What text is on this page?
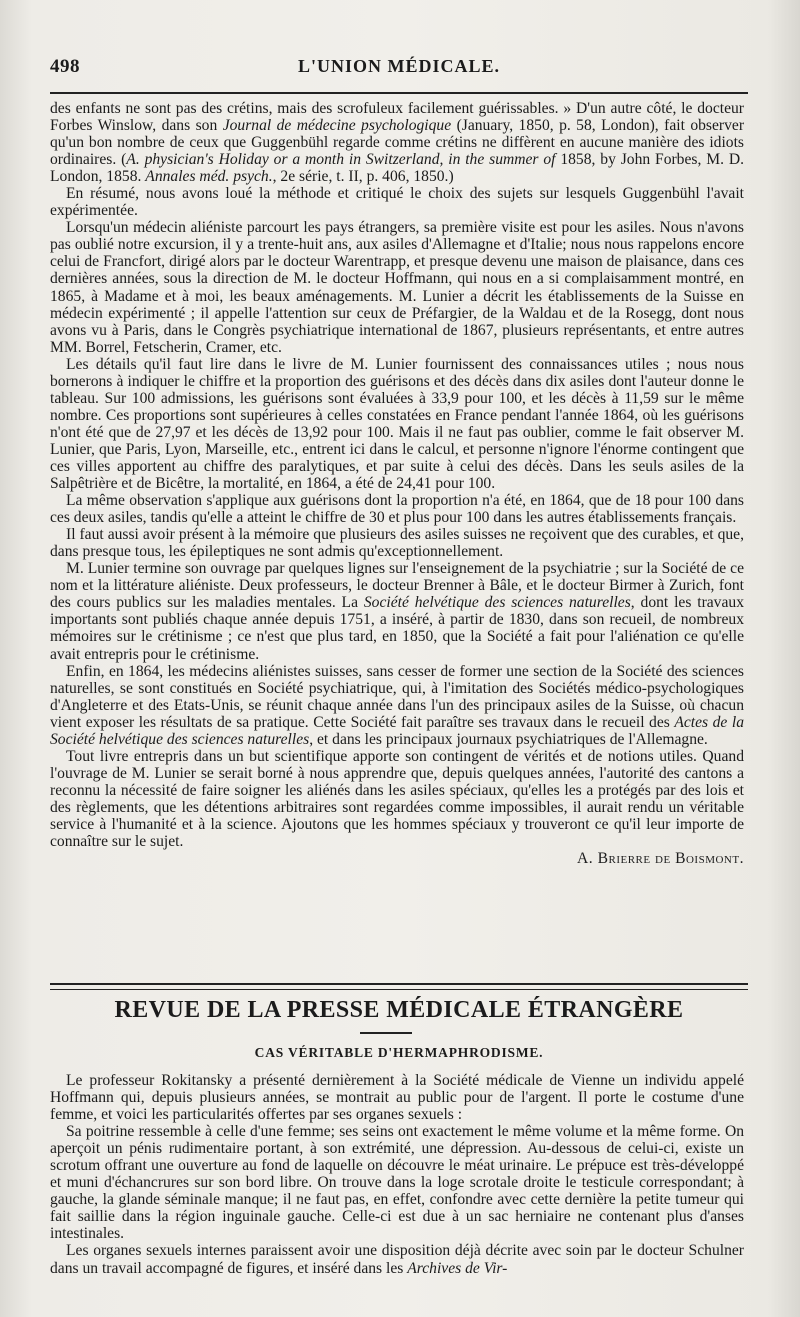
498	L'UNION MÉDICALE.

des enfants ne sont pas des crétins, mais des scrofuleux facilement guérissables. » D'un autre côté, le docteur Forbes Winslow, dans son Journal de médecine psychologique (January, 1850, p. 58, London), fait observer qu'un bon nombre de ceux que Guggenbühl regarde comme crétins ne diffèrent en aucune manière des idiots ordinaires. (A. physician's Holiday or a month in Switzerland, in the summer of 1858, by John Forbes, M. D. London, 1858. Annales méd. psych., 2e série, t. II, p. 406, 1850.)

En résumé, nous avons loué la méthode et critiqué le choix des sujets sur lesquels Guggenbühl l'avait expérimentée.

Lorsqu'un médecin aliéniste parcourt les pays étrangers, sa première visite est pour les asiles. Nous n'avons pas oublié notre excursion, il y a trente-huit ans, aux asiles d'Allemagne et d'Italie; nous nous rappelons encore celui de Francfort, dirigé alors par le docteur Warentrapp, et presque devenu une maison de plaisance, dans ces dernières années, sous la direction de M. le docteur Hoffmann, qui nous en a si complaisamment montré, en 1865, à Madame et à moi, les beaux aménagements. M. Lunier a décrit les établissements de la Suisse en médecin expérimenté ; il appelle l'attention sur ceux de Préfargier, de la Waldau et de la Rosegg, dont nous avons vu à Paris, dans le Congrès psychiatrique international de 1867, plusieurs représentants, et entre autres MM. Borrel, Fetscherin, Cramer, etc.

Les détails qu'il faut lire dans le livre de M. Lunier fournissent des connaissances utiles ; nous nous bornerons à indiquer le chiffre et la proportion des guérisons et des décès dans dix asiles dont l'auteur donne le tableau. Sur 100 admissions, les guérisons sont évaluées à 33,9 pour 100, et les décès à 11,59 sur le même nombre. Ces proportions sont supérieures à celles constatées en France pendant l'année 1864, où les guérisons n'ont été que de 27,97 et les décès de 13,92 pour 100. Mais il ne faut pas oublier, comme le fait observer M. Lunier, que Paris, Lyon, Marseille, etc., entrent ici dans le calcul, et personne n'ignore l'énorme contingent que ces villes apportent au chiffre des paralytiques, et par suite à celui des décès. Dans les seuls asiles de la Salpêtrière et de Bicêtre, la mortalité, en 1864, a été de 24,41 pour 100.

La même observation s'applique aux guérisons dont la proportion n'a été, en 1864, que de 18 pour 100 dans ces deux asiles, tandis qu'elle a atteint le chiffre de 30 et plus pour 100 dans les autres établissements français.

Il faut aussi avoir présent à la mémoire que plusieurs des asiles suisses ne reçoivent que des curables, et que, dans presque tous, les épileptiques ne sont admis qu'exceptionnellement.

M. Lunier termine son ouvrage par quelques lignes sur l'enseignement de la psychiatrie ; sur la Société de ce nom et la littérature aliéniste. Deux professeurs, le docteur Brenner à Bâle, et le docteur Birmer à Zurich, font des cours publics sur les maladies mentales. La Société helvétique des sciences naturelles, dont les travaux importants sont publiés chaque année depuis 1751, a inséré, à partir de 1830, dans son recueil, de nombreux mémoires sur le crétinisme ; ce n'est que plus tard, en 1850, que la Société a fait pour l'aliénation ce qu'elle avait entrepris pour le crétinisme.

Enfin, en 1864, les médecins aliénistes suisses, sans cesser de former une section de la Société des sciences naturelles, se sont constitués en Société psychiatrique, qui, à l'imitation des Sociétés médico-psychologiques d'Angleterre et des Etats-Unis, se réunit chaque année dans l'un des principaux asiles de la Suisse, où chacun vient exposer les résultats de sa pratique. Cette Société fait paraître ses travaux dans le recueil des Actes de la Société helvétique des sciences naturelles, et dans les principaux journaux psychiatriques de l'Allemagne.

Tout livre entrepris dans un but scientifique apporte son contingent de vérités et de notions utiles. Quand l'ouvrage de M. Lunier se serait borné à nous apprendre que, depuis quelques années, l'autorité des cantons a reconnu la nécessité de faire soigner les aliénés dans les asiles spéciaux, qu'elles les a protégés par des lois et des règlements, que les détentions arbitraires sont regardées comme impossibles, il aurait rendu un véritable service à l'humanité et à la science. Ajoutons que les hommes spéciaux y trouveront ce qu'il leur importe de connaître sur le sujet.

A. Brierre de Boismont.
REVUE DE LA PRESSE MÉDICALE ÉTRANGÈRE
CAS VÉRITABLE D'HERMAPHRODISME.

Le professeur Rokitansky a présenté dernièrement à la Société médicale de Vienne un individu appelé Hoffmann qui, depuis plusieurs années, se montrait au public pour de l'argent. Il porte le costume d'une femme, et voici les particularités offertes par ses organes sexuels :

Sa poitrine ressemble à celle d'une femme; ses seins ont exactement le même volume et la même forme. On aperçoit un pénis rudimentaire portant, à son extrémité, une dépression. Au-dessous de celui-ci, existe un scrotum offrant une ouverture au fond de laquelle on découvre le méat urinaire. Le prépuce est très-développé et muni d'échancrures sur son bord libre. On trouve dans la loge scrotale droite le testicule correspondant; à gauche, la glande séminale manque; il ne faut pas, en effet, confondre avec cette dernière la petite tumeur qui fait saillie dans la région inguinale gauche. Celle-ci est due à un sac herniaire ne contenant plus d'anses intestinales.

Les organes sexuels internes paraissent avoir une disposition déjà décrite avec soin par le docteur Schulner dans un travail accompagné de figures, et inséré dans les Archives de Vir-
